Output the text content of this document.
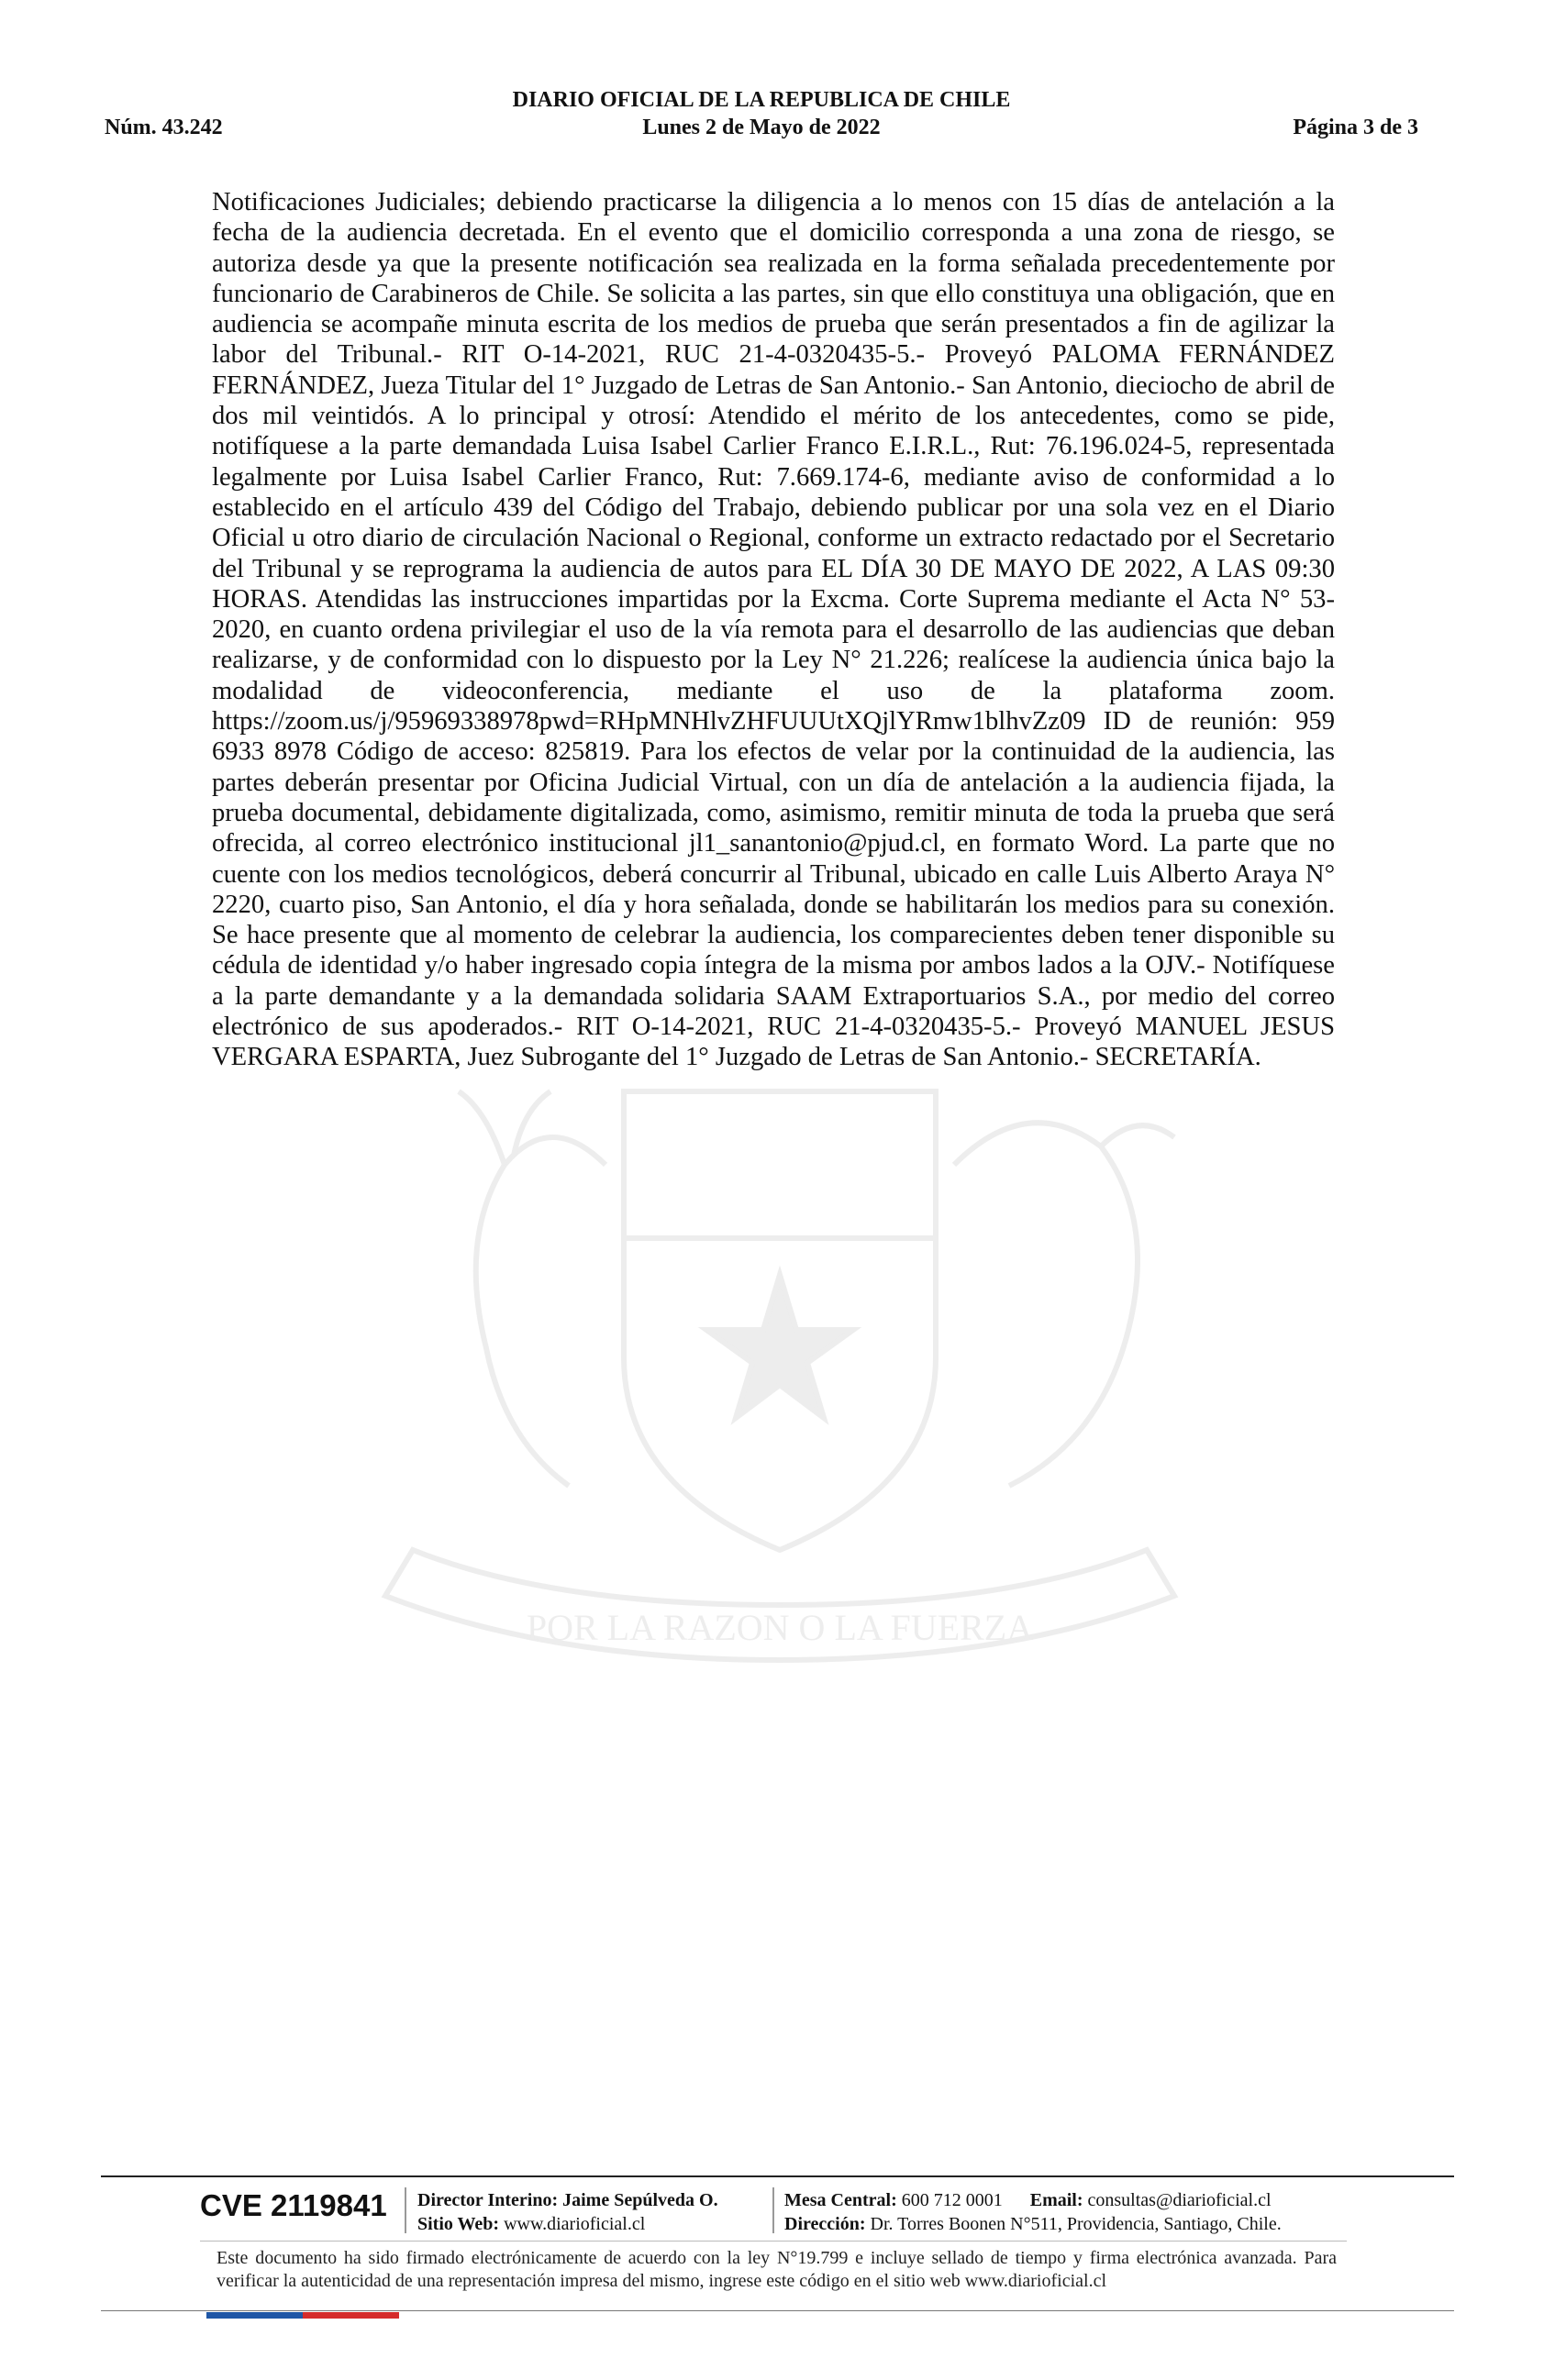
POR LA RAZON O LA FUERZA
DIARIO OFICIAL DE LA REPUBLICA DE CHILE
Núm. 43.242	Lunes 2 de Mayo de 2022	Página 3 de 3
Notificaciones Judiciales; debiendo practicarse la diligencia a lo menos con 15 días de antelación a la fecha de la audiencia decretada. En el evento que el domicilio corresponda a una zona de riesgo, se autoriza desde ya que la presente notificación sea realizada en la forma señalada precedentemente por funcionario de Carabineros de Chile. Se solicita a las partes, sin que ello constituya una obligación, que en audiencia se acompañe minuta escrita de los medios de prueba que serán presentados a fin de agilizar la labor del Tribunal.- RIT O-14-2021, RUC 21-4-0320435-5.- Proveyó PALOMA FERNÁNDEZ FERNÁNDEZ, Jueza Titular del 1° Juzgado de Letras de San Antonio.- San Antonio, dieciocho de abril de dos mil veintidós. A lo principal y otrosí: Atendido el mérito de los antecedentes, como se pide, notifíquese a la parte demandada Luisa Isabel Carlier Franco E.I.R.L., Rut: 76.196.024-5, representada legalmente por Luisa Isabel Carlier Franco, Rut: 7.669.174-6, mediante aviso de conformidad a lo establecido en el artículo 439 del Código del Trabajo, debiendo publicar por una sola vez en el Diario Oficial u otro diario de circulación Nacional o Regional, conforme un extracto redactado por el Secretario del Tribunal y se reprograma la audiencia de autos para EL DÍA 30 DE MAYO DE 2022, A LAS 09:30 HORAS. Atendidas las instrucciones impartidas por la Excma. Corte Suprema mediante el Acta N° 53-2020, en cuanto ordena privilegiar el uso de la vía remota para el desarrollo de las audiencias que deban realizarse, y de conformidad con lo dispuesto por la Ley N° 21.226; realícese la audiencia única bajo la modalidad de videoconferencia, mediante el uso de la plataforma zoom. https://zoom.us/j/95969338978pwd=RHpMNHlvZHFUUUtXQjlYRmw1blhvZz09 ID de reunión: 959 6933 8978 Código de acceso: 825819. Para los efectos de velar por la continuidad de la audiencia, las partes deberán presentar por Oficina Judicial Virtual, con un día de antelación a la audiencia fijada, la prueba documental, debidamente digitalizada, como, asimismo, remitir minuta de toda la prueba que será ofrecida, al correo electrónico institucional jl1_sanantonio@pjud.cl, en formato Word. La parte que no cuente con los medios tecnológicos, deberá concurrir al Tribunal, ubicado en calle Luis Alberto Araya N° 2220, cuarto piso, San Antonio, el día y hora señalada, donde se habilitarán los medios para su conexión. Se hace presente que al momento de celebrar la audiencia, los comparecientes deben tener disponible su cédula de identidad y/o haber ingresado copia íntegra de la misma por ambos lados a la OJV.- Notifíquese a la parte demandante y a la demandada solidaria SAAM Extraportuarios S.A., por medio del correo electrónico de sus apoderados.- RIT O-14-2021, RUC 21-4-0320435-5.- Proveyó MANUEL JESUS VERGARA ESPARTA, Juez Subrogante del 1° Juzgado de Letras de San Antonio.- SECRETARÍA.
CVE 2119841 Director Interino: Jaime Sepúlveda O.
Sitio Web: www.diarioficial.cl
Mesa Central: 600 712 0001 Email: consultas@diarioficial.cl
Dirección: Dr. Torres Boonen N°511, Providencia, Santiago, Chile.
Este documento ha sido firmado electrónicamente de acuerdo con la ley N°19.799 e incluye sellado de tiempo y firma electrónica avanzada. Para verificar la autenticidad de una representación impresa del mismo, ingrese este código en el sitio web www.diarioficial.cl
